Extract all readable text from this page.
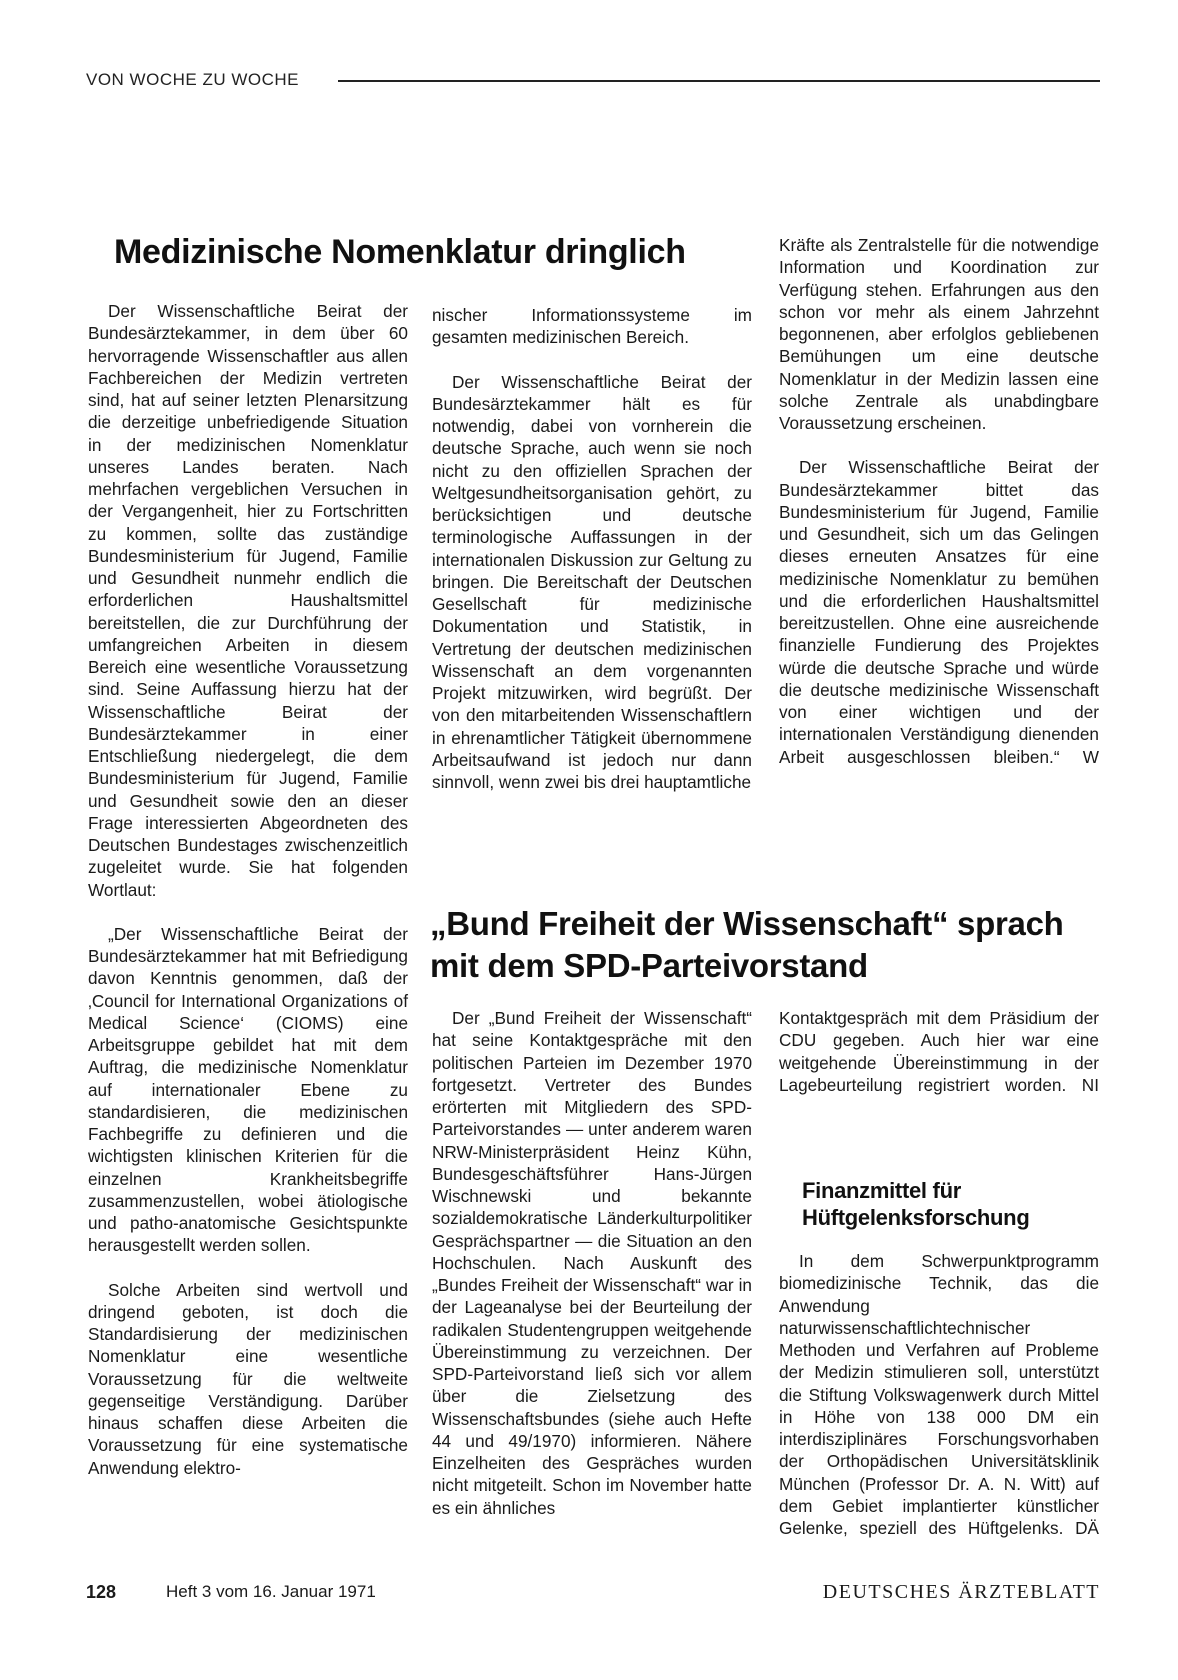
VON WOCHE ZU WOCHE
Medizinische Nomenklatur dringlich

Der Wissenschaftliche Beirat der Bundesärztekammer, in dem über 60 hervorragende Wissenschaftler aus allen Fachbereichen der Medizin vertreten sind, hat auf seiner letzten Plenarsitzung die derzeitige unbefriedigende Situation in der medizinischen Nomenklatur unseres Landes beraten. Nach mehrfachen vergeblichen Versuchen in der Vergangenheit, hier zu Fortschritten zu kommen, sollte das zuständige Bundesministerium für Jugend, Familie und Gesundheit nunmehr endlich die erforderlichen Haushaltsmittel bereitstellen, die zur Durchführung der umfangreichen Arbeiten in diesem Bereich eine wesentliche Voraussetzung sind. Seine Auffassung hierzu hat der Wissenschaftliche Beirat der Bundesärztekammer in einer Entschließung niedergelegt, die dem Bundesministerium für Jugend, Familie und Gesundheit sowie den an dieser Frage interessierten Abgeordneten des Deutschen Bundestages zwischenzeitlich zugeleitet wurde. Sie hat folgenden Wortlaut:

„Der Wissenschaftliche Beirat der Bundesärztekammer hat mit Befriedigung davon Kenntnis genommen, daß der ‚Council for International Organizations of Medical Science‘ (CIOMS) eine Arbeitsgruppe gebildet hat mit dem Auftrag, die medizinische Nomenklatur auf internationaler Ebene zu standardisieren, die medizinischen Fachbegriffe zu definieren und die wichtigsten klinischen Kriterien für die einzelnen Krankheitsbegriffe zusammenzustellen, wobei ätiologische und patho-anatomische Gesichtspunkte herausgestellt werden sollen.

Solche Arbeiten sind wertvoll und dringend geboten, ist doch die Standardisierung der medizinischen Nomenklatur eine wesentliche Voraussetzung für die weltweite gegenseitige Verständigung. Darüber hinaus schaffen diese Arbeiten die Voraussetzung für eine systematische Anwendung elektro-

nischer Informationssysteme im gesamten medizinischen Bereich.

Der Wissenschaftliche Beirat der Bundesärztekammer hält es für notwendig, dabei von vornherein die deutsche Sprache, auch wenn sie noch nicht zu den offiziellen Sprachen der Weltgesundheitsorganisation gehört, zu berücksichtigen und deutsche terminologische Auffassungen in der internationalen Diskussion zur Geltung zu bringen. Die Bereitschaft der Deutschen Gesellschaft für medizinische Dokumentation und Statistik, in Vertretung der deutschen medizinischen Wissenschaft an dem vorgenannten Projekt mitzuwirken, wird begrüßt. Der von den mitarbeitenden Wissenschaftlern in ehrenamtlicher Tätigkeit übernommene Arbeitsaufwand ist jedoch nur dann sinnvoll, wenn zwei bis drei hauptamtliche

Kräfte als Zentralstelle für die notwendige Information und Koordination zur Verfügung stehen. Erfahrungen aus den schon vor mehr als einem Jahrzehnt begonnenen, aber erfolglos gebliebenen Bemühungen um eine deutsche Nomenklatur in der Medizin lassen eine solche Zentrale als unabdingbare Voraussetzung erscheinen.

Der Wissenschaftliche Beirat der Bundesärztekammer bittet das Bundesministerium für Jugend, Familie und Gesundheit, sich um das Gelingen dieses erneuten Ansatzes für eine medizinische Nomenklatur zu bemühen und die erforderlichen Haushaltsmittel bereitzustellen. Ohne eine ausreichende finanzielle Fundierung des Projektes würde die deutsche Sprache und würde die deutsche medizinische Wissenschaft von einer wichtigen und der internationalen Verständigung dienenden Arbeit ausgeschlossen bleiben.“ W

„Bund Freiheit der Wissenschaft“ sprach mit dem SPD-Parteivorstand

Der „Bund Freiheit der Wissenschaft“ hat seine Kontaktgespräche mit den politischen Parteien im Dezember 1970 fortgesetzt. Vertreter des Bundes erörterten mit Mitgliedern des SPD-Parteivorstandes — unter anderem waren NRW-Ministerpräsident Heinz Kühn, Bundesgeschäftsführer Hans-Jürgen Wischnewski und bekannte sozialdemokratische Länderkulturpolitiker Gesprächspartner — die Situation an den Hochschulen. Nach Auskunft des „Bundes Freiheit der Wissenschaft“ war in der Lageanalyse bei der Beurteilung der radikalen Studentengruppen weitgehende Übereinstimmung zu verzeichnen. Der SPD-Parteivorstand ließ sich vor allem über die Zielsetzung des Wissenschaftsbundes (siehe auch Hefte 44 und 49/1970) informieren. Nähere Einzelheiten des Gespräches wurden nicht mitgeteilt. Schon im November hatte es ein ähnliches

Kontaktgespräch mit dem Präsidium der CDU gegeben. Auch hier war eine weitgehende Übereinstimmung in der Lagebeurteilung registriert worden. NI

Finanzmittel für Hüftgelenksforschung

In dem Schwerpunktprogramm biomedizinische Technik, das die Anwendung naturwissenschaftlichtechnischer Methoden und Verfahren auf Probleme der Medizin stimulieren soll, unterstützt die Stiftung Volkswagenwerk durch Mittel in Höhe von 138 000 DM ein interdisziplinäres Forschungsvorhaben der Orthopädischen Universitätsklinik München (Professor Dr. A. N. Witt) auf dem Gebiet implantierter künstlicher Gelenke, speziell des Hüftgelenks. DÄ

128	Heft 3 vom 16. Januar 1971	DEUTSCHES ÄRZTEBLATT
